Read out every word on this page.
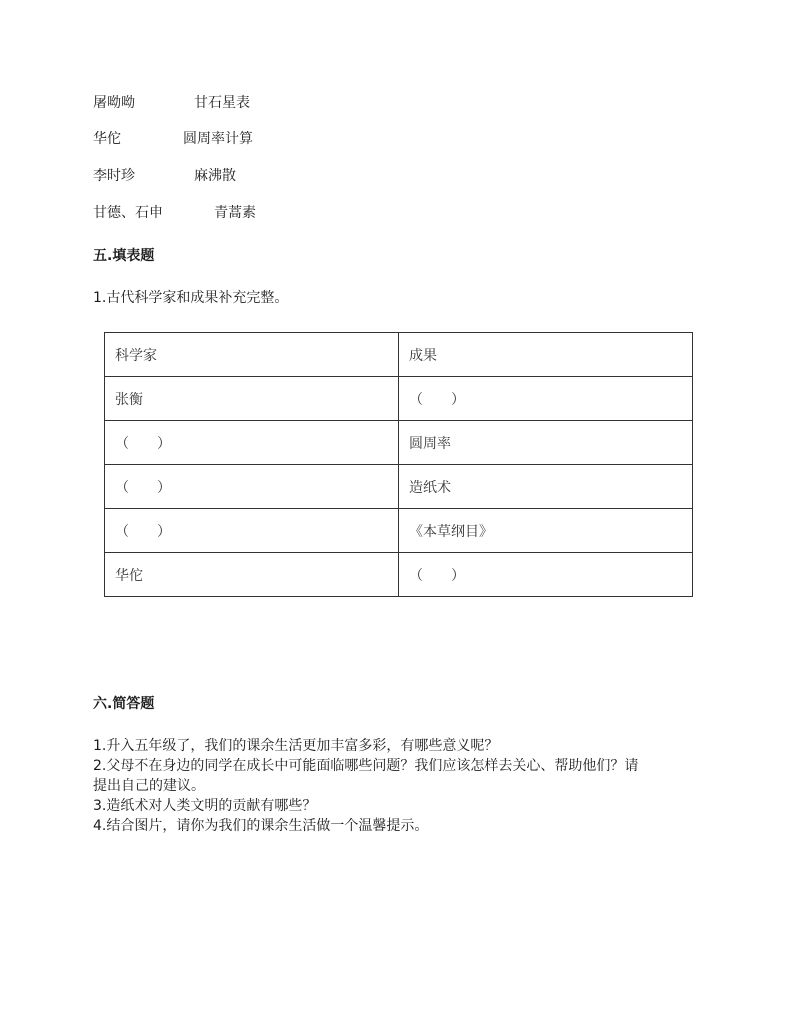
屠呦呦	甘石星表
华佗	圆周率计算
李时珍	麻沸散
甘德、石申	青蒿素
五.填表题
1.古代科学家和成果补充完整。
科学家	成果
张衡	（　　）
（　　）	圆周率
（　　）	造纸术
（　　）	《本草纲目》
华佗	（　　）
六.简答题
1.升入五年级了，我们的课余生活更加丰富多彩，有哪些意义呢？
2.父母不在身边的同学在成长中可能面临哪些问题？我们应该怎样去关心、帮助他们？请
提出自己的建议。
3.造纸术对人类文明的贡献有哪些？
4.结合图片，请你为我们的课余生活做一个温馨提示。
